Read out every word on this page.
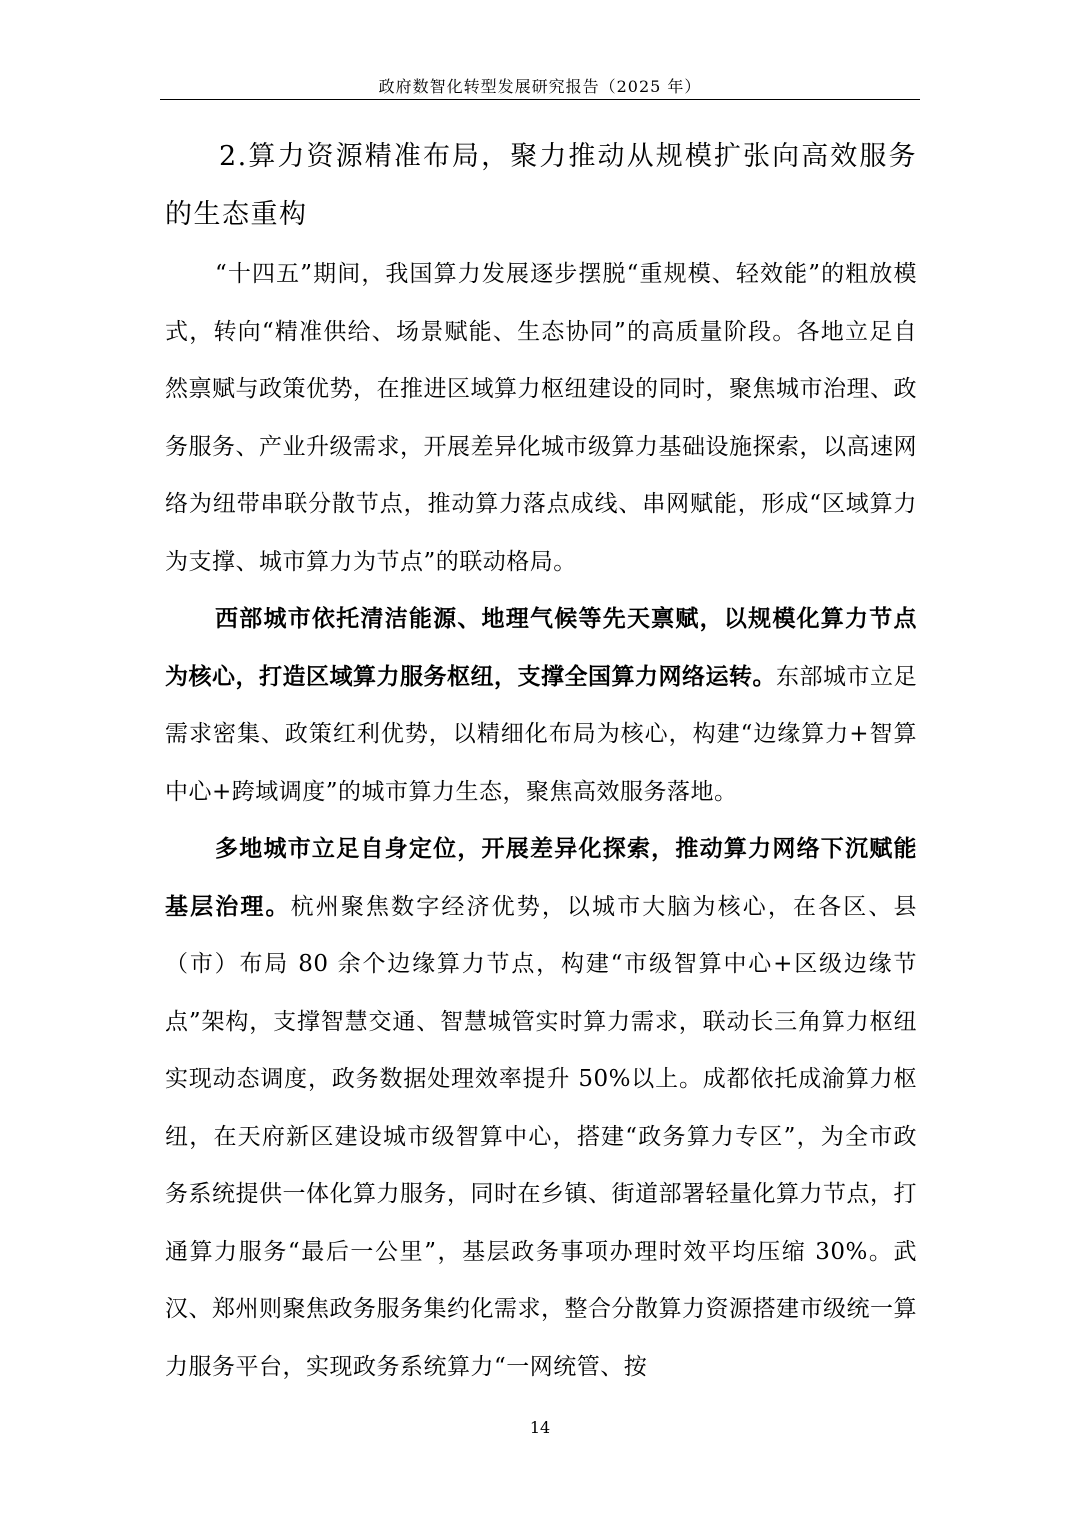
政府数智化转型发展研究报告（2025 年）
2.算力资源精准布局，聚力推动从规模扩张向高效服务的生态重构

“十四五”期间，我国算力发展逐步摆脱“重规模、轻效能”的粗放模式，转向“精准供给、场景赋能、生态协同”的高质量阶段。各地立足自然禀赋与政策优势，在推进区域算力枢纽建设的同时，聚焦城市治理、政务服务、产业升级需求，开展差异化城市级算力基础设施探索，以高速网络为纽带串联分散节点，推动算力落点成线、串网赋能，形成“区域算力为支撑、城市算力为节点”的联动格局。

西部城市依托清洁能源、地理气候等先天禀赋，以规模化算力节点为核心，打造区域算力服务枢纽，支撑全国算力网络运转。东部城市立足需求密集、政策红利优势，以精细化布局为核心，构建“边缘算力+智算中心+跨域调度”的城市算力生态，聚焦高效服务落地。

多地城市立足自身定位，开展差异化探索，推动算力网络下沉赋能基层治理。杭州聚焦数字经济优势，以城市大脑为核心，在各区、县（市）布局 80 余个边缘算力节点，构建“市级智算中心+区级边缘节点”架构，支撑智慧交通、智慧城管实时算力需求，联动长三角算力枢纽实现动态调度，政务数据处理效率提升 50%以上。成都依托成渝算力枢纽，在天府新区建设城市级智算中心，搭建“政务算力专区”，为全市政务系统提供一体化算力服务，同时在乡镇、街道部署轻量化算力节点，打通算力服务“最后一公里”，基层政务事项办理时效平均压缩 30%。武汉、郑州则聚焦政务服务集约化需求，整合分散算力资源搭建市级统一算力服务平台，实现政务系统算力“一网统管、按

14
